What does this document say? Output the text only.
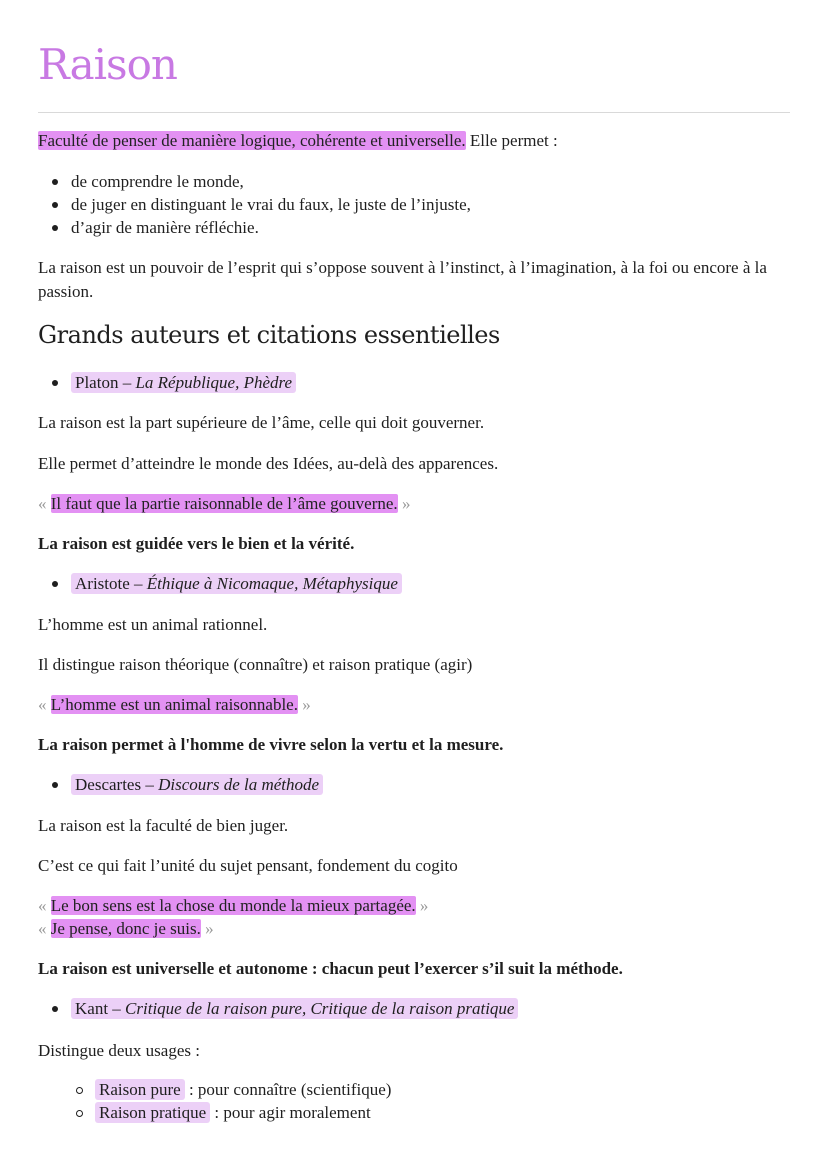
Raison

Faculté de penser de manière logique, cohérente et universelle. Elle permet :

de comprendre le monde,
de juger en distinguant le vrai du faux, le juste de l’injuste,
d’agir de manière réfléchie.

La raison est un pouvoir de l’esprit qui s’oppose souvent à l’instinct, à l’imagination, à la foi ou encore à la passion.

Grands auteurs et citations essentielles
Platon – La République, Phèdre

La raison est la part supérieure de l’âme, celle qui doit gouverner.

Elle permet d’atteindre le monde des Idées, au-delà des apparences.

« Il faut que la partie raisonnable de l’âme gouverne. »

La raison est guidée vers le bien et la vérité.

Aristote – Éthique à Nicomaque, Métaphysique

L’homme est un animal rationnel.

Il distingue raison théorique (connaître) et raison pratique (agir)

« L’homme est un animal raisonnable. »

La raison permet à l'homme de vivre selon la vertu et la mesure.

Descartes – Discours de la méthode

La raison est la faculté de bien juger.

C’est ce qui fait l’unité du sujet pensant, fondement du cogito

« Le bon sens est la chose du monde la mieux partagée. »

« Je pense, donc je suis. »

La raison est universelle et autonome : chacun peut l’exercer s’il suit la méthode.

Kant – Critique de la raison pure, Critique de la raison pratique

Distingue deux usages :

Raison pure : pour connaître (scientifique)
Raison pratique : pour agir moralement
